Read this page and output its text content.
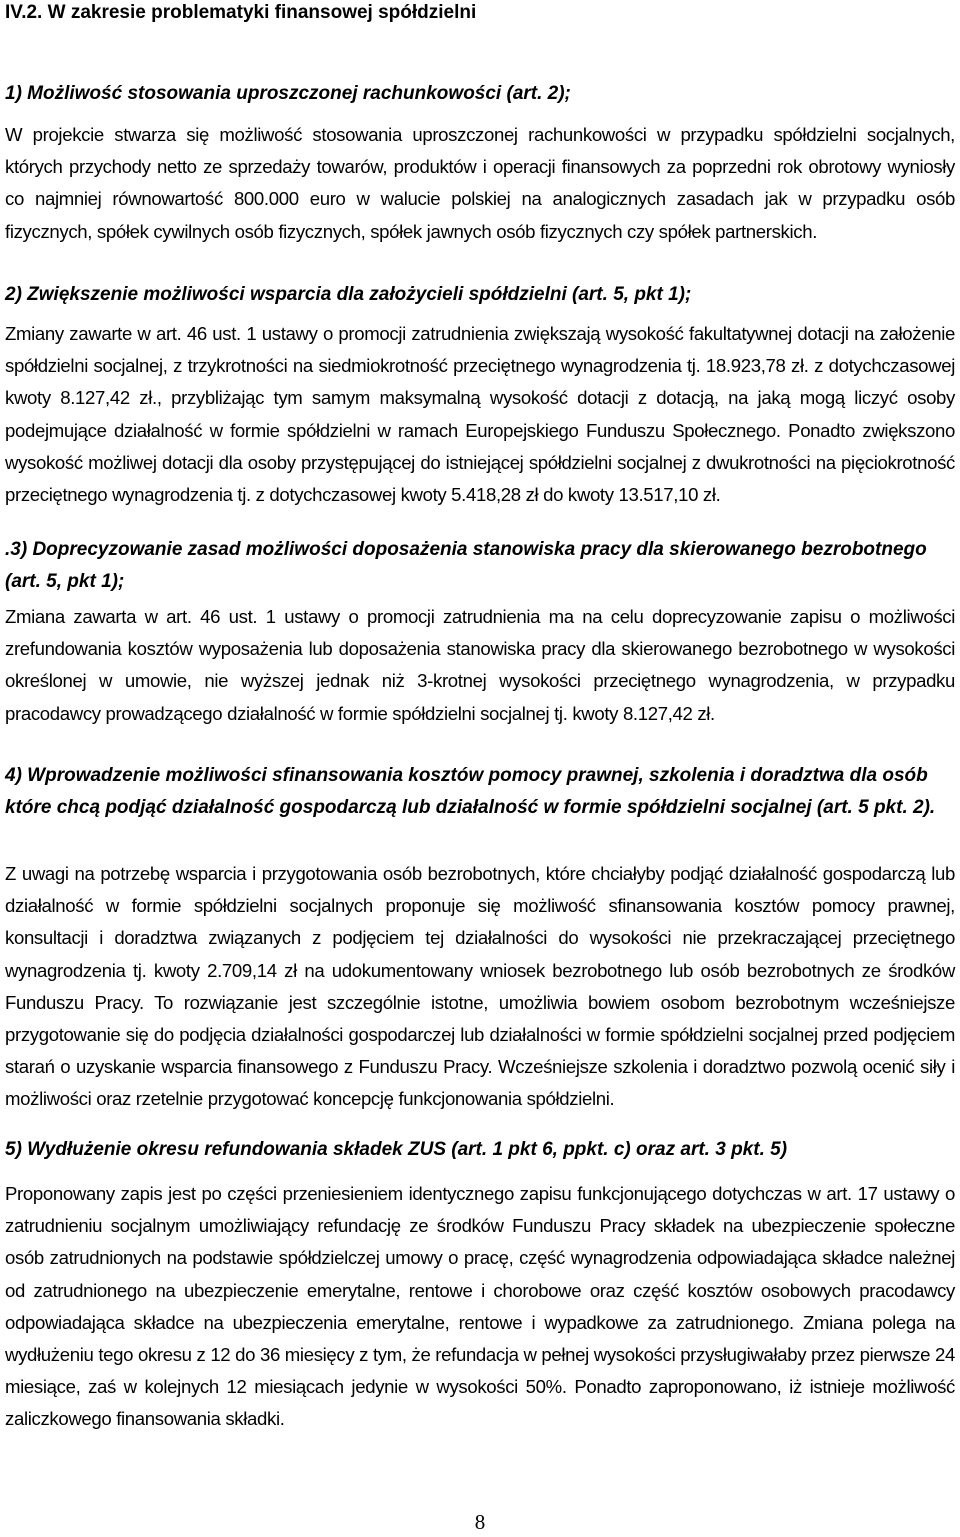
IV.2. W zakresie problematyki finansowej spółdzielni
1) Możliwość stosowania uproszczonej rachunkowości (art. 2);
W projekcie stwarza się możliwość stosowania uproszczonej rachunkowości w przypadku spółdzielni socjalnych, których przychody netto ze sprzedaży towarów, produktów i operacji finansowych za poprzedni rok obrotowy wyniosły co najmniej równowartość 800.000 euro w walucie polskiej na analogicznych zasadach jak w przypadku osób fizycznych, spółek cywilnych osób fizycznych, spółek jawnych osób fizycznych czy spółek partnerskich.
2) Zwiększenie możliwości wsparcia dla założycieli spółdzielni (art. 5, pkt 1);
Zmiany zawarte w art. 46 ust. 1 ustawy o promocji zatrudnienia zwiększają wysokość fakultatywnej dotacji na założenie spółdzielni socjalnej, z trzykrotności na siedmiokrotność przeciętnego wynagrodzenia tj. 18.923,78 zł. z dotychczasowej kwoty 8.127,42 zł., przybliżając tym samym maksymalną wysokość dotacji z dotacją, na jaką mogą liczyć osoby podejmujące działalność w formie spółdzielni w ramach Europejskiego Funduszu Społecznego. Ponadto zwiększono wysokość możliwej dotacji dla osoby przystępującej do istniejącej spółdzielni socjalnej z dwukrotności na pięciokrotność przeciętnego wynagrodzenia tj. z dotychczasowej kwoty 5.418,28 zł do kwoty 13.517,10 zł.
.3) Doprecyzowanie zasad możliwości doposażenia stanowiska pracy dla skierowanego bezrobotnego (art. 5, pkt 1);
Zmiana zawarta w art. 46 ust. 1 ustawy o promocji zatrudnienia ma na celu doprecyzowanie zapisu o możliwości zrefundowania kosztów wyposażenia lub doposażenia stanowiska pracy dla skierowanego bezrobotnego w wysokości określonej w umowie, nie wyższej jednak niż 3-krotnej wysokości przeciętnego wynagrodzenia, w przypadku pracodawcy prowadzącego działalność w formie spółdzielni socjalnej tj. kwoty 8.127,42 zł.
4) Wprowadzenie możliwości sfinansowania kosztów pomocy prawnej, szkolenia i doradztwa dla osób które chcą podjąć działalność gospodarczą lub działalność w formie spółdzielni socjalnej (art. 5 pkt. 2).
Z uwagi na potrzebę wsparcia i przygotowania osób bezrobotnych, które chciałyby podjąć działalność gospodarczą lub działalność w formie spółdzielni socjalnych proponuje się możliwość sfinansowania kosztów pomocy prawnej, konsultacji i doradztwa związanych z podjęciem tej działalności do wysokości nie przekraczającej przeciętnego wynagrodzenia tj. kwoty 2.709,14 zł na udokumentowany wniosek bezrobotnego lub osób bezrobotnych ze środków Funduszu Pracy. To rozwiązanie jest szczególnie istotne, umożliwia bowiem osobom bezrobotnym wcześniejsze przygotowanie się do podjęcia działalności gospodarczej lub działalności w formie spółdzielni socjalnej przed podjęciem starań o uzyskanie wsparcia finansowego z Funduszu Pracy. Wcześniejsze szkolenia i doradztwo pozwolą ocenić siły i możliwości oraz rzetelnie przygotować koncepcję funkcjonowania spółdzielni.
5) Wydłużenie okresu refundowania składek ZUS (art. 1 pkt 6, ppkt. c) oraz art. 3 pkt. 5)
Proponowany zapis jest po części przeniesieniem identycznego zapisu funkcjonującego dotychczas w art. 17 ustawy o zatrudnieniu socjalnym umożliwiający refundację ze środków Funduszu Pracy składek na ubezpieczenie społeczne osób zatrudnionych na podstawie spółdzielczej umowy o pracę, część wynagrodzenia odpowiadająca składce należnej od zatrudnionego na ubezpieczenie emerytalne, rentowe i chorobowe oraz część kosztów osobowych pracodawcy odpowiadająca składce na ubezpieczenia emerytalne, rentowe i wypadkowe za zatrudnionego. Zmiana polega na wydłużeniu tego okresu z 12 do 36 miesięcy z tym, że refundacja w pełnej wysokości przysługiwałaby przez pierwsze 24 miesiące, zaś w kolejnych 12 miesiącach jedynie w wysokości 50%. Ponadto zaproponowano, iż istnieje możliwość zaliczkowego finansowania składki.
8
